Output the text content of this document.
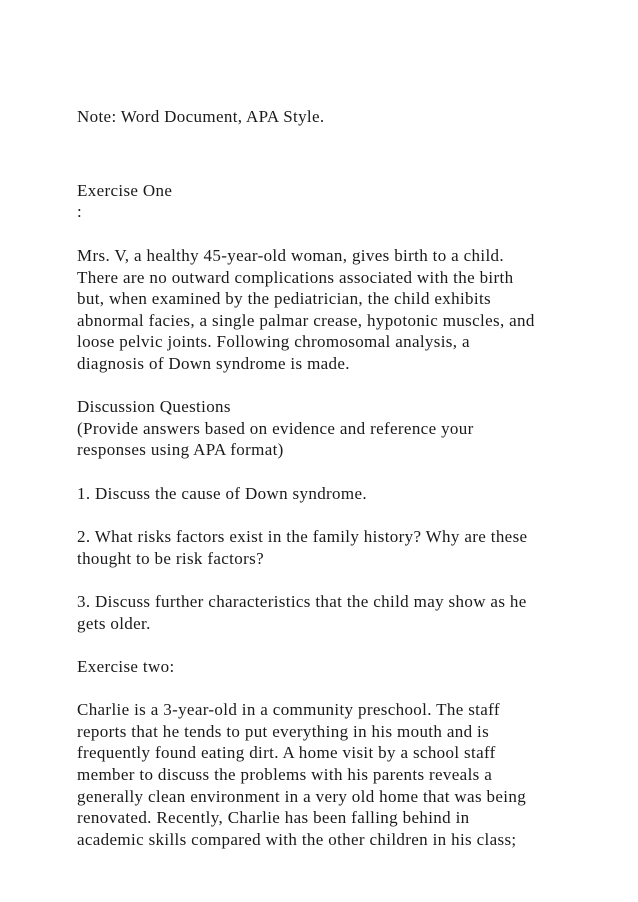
Note: Word Document, APA Style.

Exercise One

:

Mrs. V, a healthy 45-year-old woman, gives birth to a child.

There are no outward complications associated with the birth

but, when examined by the pediatrician, the child exhibits

abnormal facies, a single palmar crease, hypotonic muscles, and

loose pelvic joints. Following chromosomal analysis, a

diagnosis of Down syndrome is made.

Discussion Questions

(Provide answers based on evidence and reference your

responses using APA format)

1. Discuss the cause of Down syndrome.

2. What risks factors exist in the family history? Why are these

thought to be risk factors?

3. Discuss further characteristics that the child may show as he

gets older.

Exercise two:

Charlie is a 3-year-old in a community preschool. The staff

reports that he tends to put everything in his mouth and is

frequently found eating dirt. A home visit by a school staff

member to discuss the problems with his parents reveals a

generally clean environment in a very old home that was being

renovated. Recently, Charlie has been falling behind in

academic skills compared with the other children in his class;
